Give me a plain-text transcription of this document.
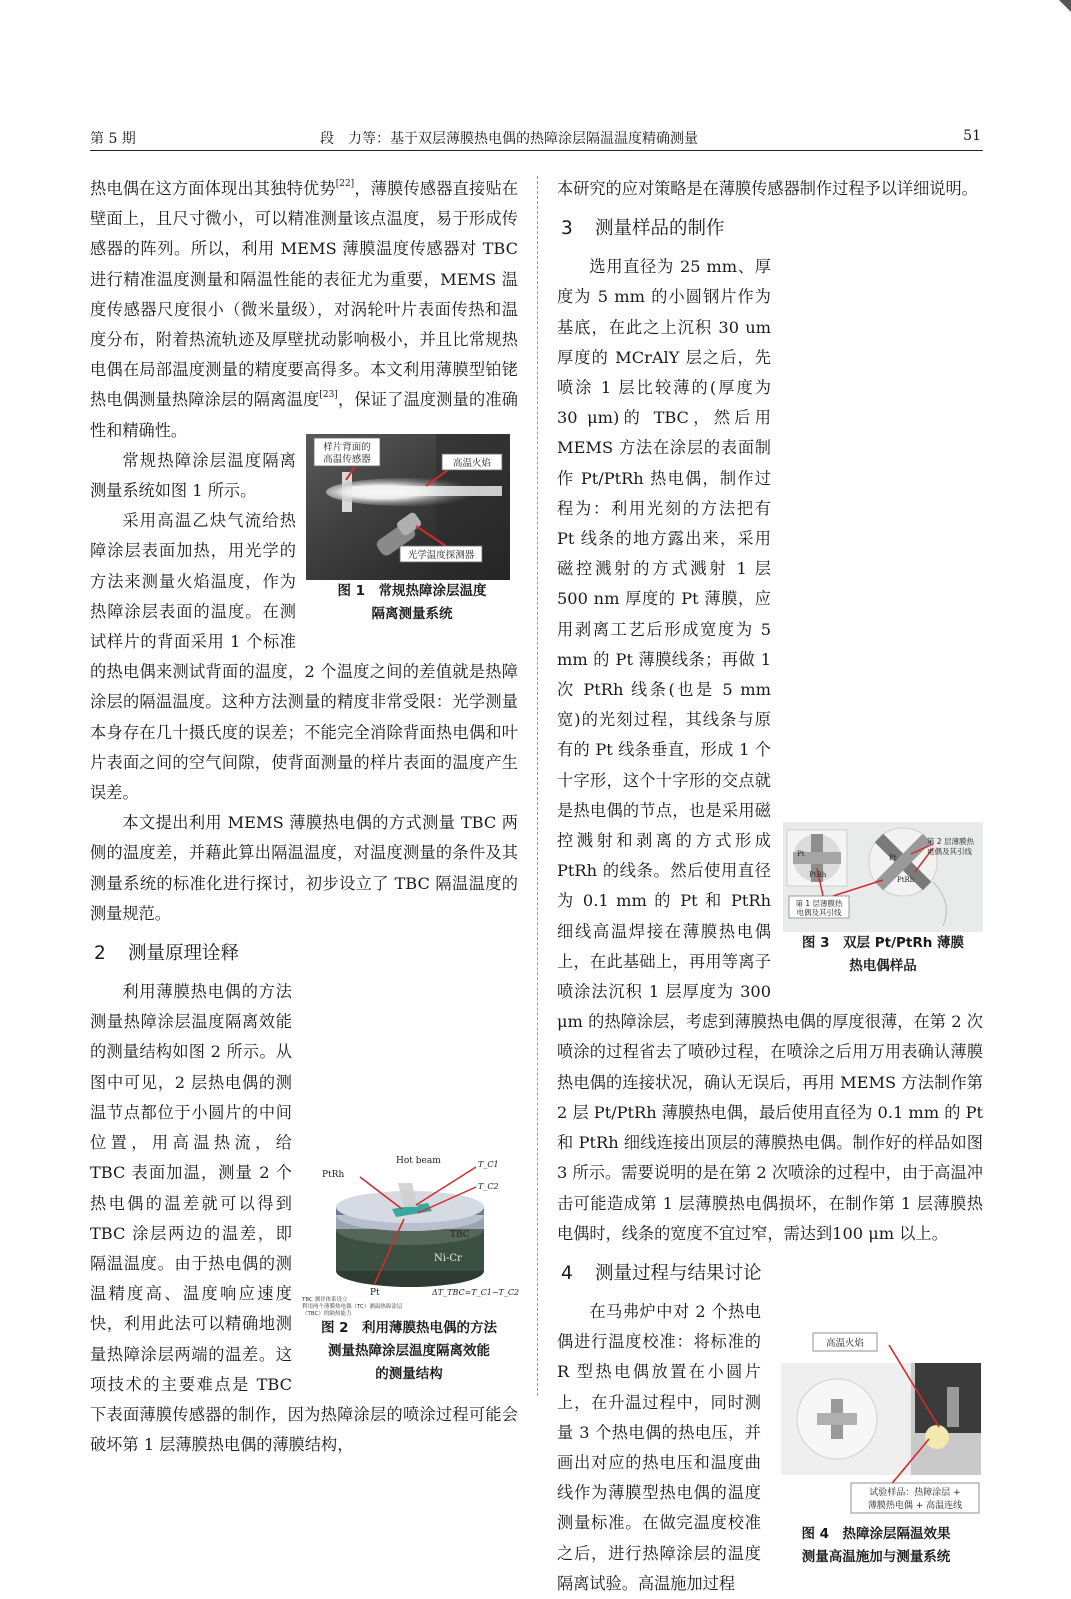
第 5 期	段　力等：基于双层薄膜热电偶的热障涂层隔温温度精确测量	51

热电偶在这方面体现出其独特优势[22]，薄膜传感器直接贴在壁面上，且尺寸微小，可以精准测量该点温度，易于形成传感器的阵列。所以，利用 MEMS 薄膜温度传感器对 TBC 进行精准温度测量和隔温性能的表征尤为重要，MEMS 温度传感器尺度很小（微米量级），对涡轮叶片表面传热和温度分布，附着热流轨迹及厚壁扰动影响极小，并且比常规热电偶在局部温度测量的精度要高得多。本文利用薄膜型铂铑热电偶测量热障涂层的隔离温度[23]，保证了温度测量的准确性和精确性。

样片背面的
高温传感器	高温火焰
光学温度探测器
图 1　 常规热障涂层温度
隔离测量系统

常规热障涂层温度隔离测量系统如图 1 所示。

采用高温乙炔气流给热障涂层表面加热，用光学的方法来测量火焰温度，作为热障涂层表面的温度。在测试样片的背面采用 1 个标准的热电偶来测试背面的温度，2 个温度之间的差值就是热障涂层的隔温温度。这种方法测量的精度非常受限：光学测量本身存在几十摄氏度的误差；不能完全消除背面热电偶和叶片表面之间的空气间隙，使背面测量的样片表面的温度产生误差。

本文提出利用 MEMS 薄膜热电偶的方式测量 TBC 两侧的温度差，并藉此算出隔温温度，对温度测量的条件及其测量系统的标准化进行探讨，初步设立了 TBC 隔温温度的测量规范。

2 测量原理诠释
Hot beam
PtRh
T_C1
T_C2
TBC
Ni-Cr
Pt	ΔT_TBC=T_C1−T_C2
TBC 测评体系设立
利用两个薄膜热电偶（TC）测温热障涂层
（TBC）的隔热能力
图 2　 利用薄膜热电偶的方法
测量热障涂层温度隔离效能
的测量结构

利用薄膜热电偶的方法测量热障涂层温度隔离效能的测量结构如图 2 所示。从图中可见，2 层热电偶的测温节点都位于小圆片的中间位置，用高温热流，给 TBC 表面加温，测量 2 个热电偶的温差就可以得到 TBC 涂层两边的温差，即隔温温度。由于热电偶的测温精度高、温度响应速度快，利用此法可以精确地测量热障涂层两端的温差。这项技术的主要难点是 TBC 下表面薄膜传感器的制作，因为热障涂层的喷涂过程可能会破坏第 1 层薄膜热电偶的薄膜结构，

本研究的应对策略是在薄膜传感器制作过程予以详细说明。

3 测量样品的制作
Pt
PtRh
Pt
PtRh
第 2 层薄膜热
电偶及其引线
第 1 层薄膜热
电偶及其引线
图 3　 双层 Pt/PtRh 薄膜
热电偶样品

选用直径为 25 mm、厚度为 5 mm 的小圆钢片作为基底，在此之上沉积 30 um 厚度的 MCrAlY 层之后，先喷涂 1 层比较薄的(厚度为 30 μm)的 TBC，然后用 MEMS 方法在涂层的表面制作 Pt/PtRh 热电偶，制作过程为：利用光刻的方法把有 Pt 线条的地方露出来，采用磁控溅射的方式溅射 1 层 500 nm 厚度的 Pt 薄膜，应用剥离工艺后形成宽度为 5 mm 的 Pt 薄膜线条；再做 1 次 PtRh 线条(也是 5 mm 宽)的光刻过程，其线条与原有的 Pt 线条垂直，形成 1 个十字形，这个十字形的交点就是热电偶的节点，也是采用磁控溅射和剥离的方式形成 PtRh 的线条。然后使用直径为 0.1 mm 的 Pt 和 PtRh 细线高温焊接在薄膜热电偶上，在此基础上，再用等离子喷涂法沉积 1 层厚度为 300 μm 的热障涂层，考虑到薄膜热电偶的厚度很薄，在第 2 次喷涂的过程省去了喷砂过程，在喷涂之后用万用表确认薄膜热电偶的连接状况，确认无误后，再用 MEMS 方法制作第 2 层 Pt/PtRh 薄膜热电偶，最后使用直径为 0.1 mm 的 Pt 和 PtRh 细线连接出顶层的薄膜热电偶。制作好的样品如图 3 所示。需要说明的是在第 2 次喷涂的过程中，由于高温冲击可能造成第 1 层薄膜热电偶损坏，在制作第 1 层薄膜热电偶时，线条的宽度不宜过窄，需达到100 μm 以上。

4 测量过程与结果讨论
高温火焰
试验样品：热障涂层 +
薄膜热电偶 + 高温连线
图 4　 热障涂层隔温效果
测量高温施加与测量系统

在马弗炉中对 2 个热电偶进行温度校准：将标准的 R 型热电偶放置在小圆片上，在升温过程中，同时测量 3 个热电偶的热电压，并画出对应的热电压和温度曲线作为薄膜型热电偶的温度测量标准。在做完温度校准之后，进行热障涂层的温度隔离试验。高温施加过程
